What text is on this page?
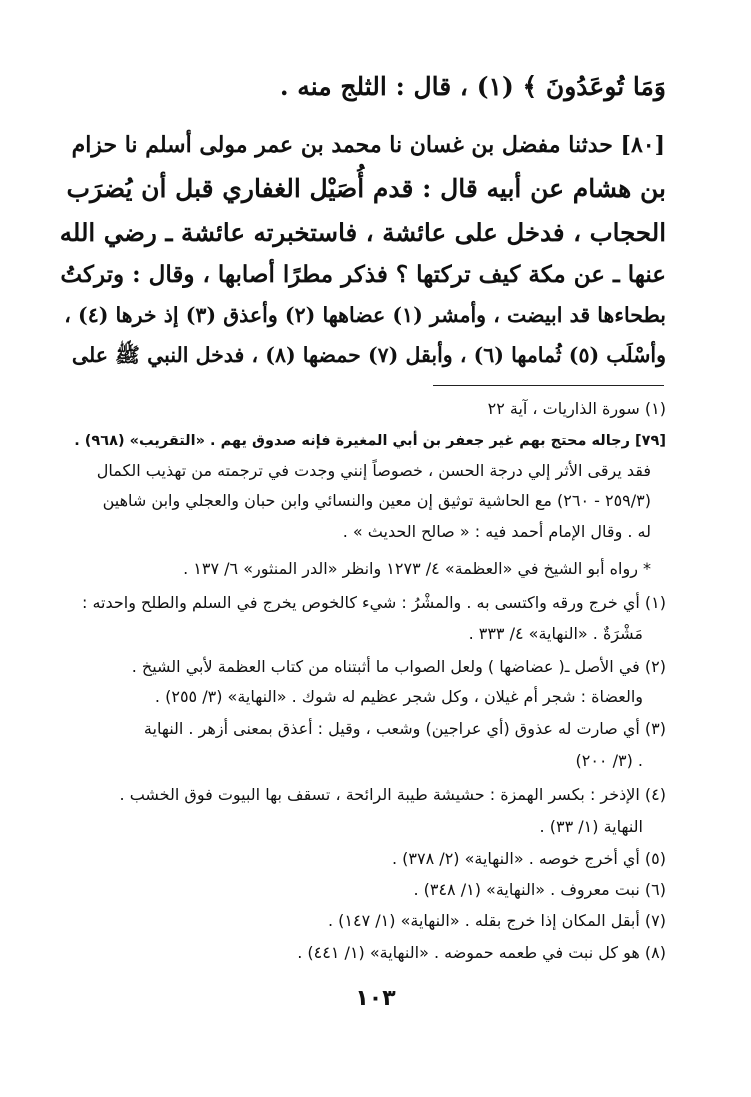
وَمَا تُوعَدُونَ ﴾ (١) ، قال : الثلج منه .
[٨٠] حدثنا مفضل بن غسان نا محمد بن عمر مولى أسلم نا حزام
بن هشام عن أبيه قال : قدم أُصَيْل الغفاري قبل أن يُضرَب
الحجاب ، فدخل على عائشة ، فاستخبرته عائشة ـ رضي الله
عنها ـ عن مكة كيف تركتها ؟ فذكر مطرًا أصابها ، وقال : وتركتُ
بطحاءها قد ابيضت ، وأمشر (١) عضاهها (٢) وأعذق (٣) إذ خرها (٤) ،
وأسْلَب (٥) ثُمامها (٦) ، وأبقل (٧) حمضها (٨) ، فدخل النبي ﷺ على
(١) سورة الذاريات ، آية ٢٢
[٧٩] رجاله محتج بهم غير جعفر بن أبي المغيرة فإنه صدوق يهم . «التقريب» (٩٦٨) .
فقد يرقى الأثر إلي درجة الحسن ، خصوصاً إنني وجدت في ترجمته من تهذيب الكمال
(٢٥٩/٣ - ٢٦٠) مع الحاشية توثيق إن معين والنسائي وابن حبان والعجلي وابن شاهين
له . وقال الإمام أحمد فيه : « صالح الحديث » .
* رواه أبو الشيخ في «العظمة» ٤/ ١٢٧٣ وانظر «الدر المنثور» ٦/ ١٣٧ .
(١) أي خرج ورقه واكتسى به . والمشْرُ : شيء كالخوص يخرج في السلم والطلح واحدته :
مَشْرَةٌ . «النهاية» ٤/ ٣٣٣ .
(٢) في الأصل ـ( عضاضها ) ولعل الصواب ما أثبتناه من كتاب العظمة لأبي الشيخ .
والعضاة : شجر أم غيلان ، وكل شجر عظيم له شوك . «النهاية» (٣/ ٢٥٥) .
(٣) أي صارت له عذوق (أي عراجين) وشعب ، وقيل : أعذق بمعنى أزهر . النهاية
(٣/ ٢٠٠) .
(٤) الإذخر : بكسر الهمزة : حشيشة طيبة الرائحة ، تسقف بها البيوت فوق الخشب .
النهاية (١/ ٣٣) .
(٥) أي أخرج خوصه . «النهاية» (٢/ ٣٧٨) .
(٦) نبت معروف . «النهاية» (١/ ٣٤٨) .
(٧) أبقل المكان إذا خرج بقله . «النهاية» (١/ ١٤٧) .
(٨) هو كل نبت في طعمه حموضه . «النهاية» (١/ ٤٤١) .
١٠٣
